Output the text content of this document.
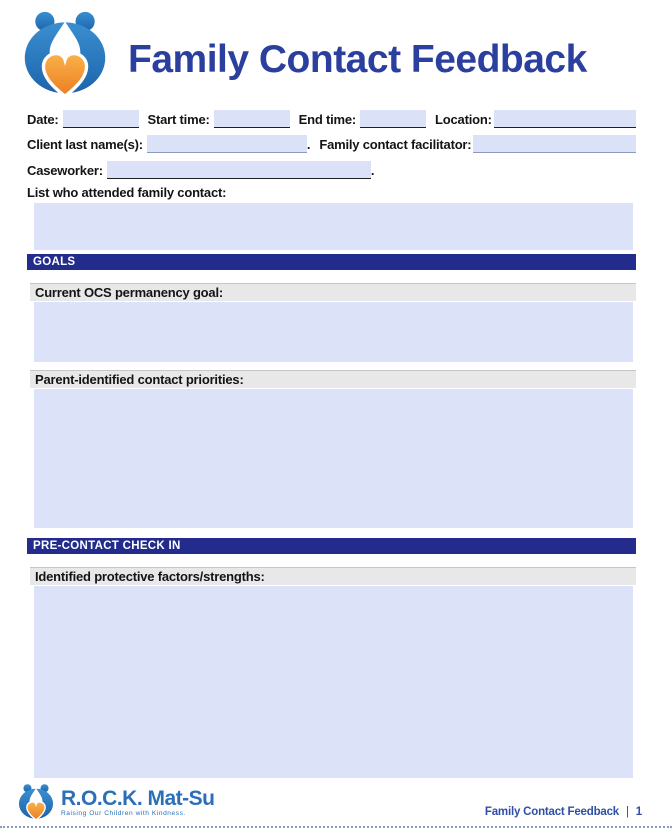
Family Contact Feedback
Date:	Start time:	End time:	Location:
Client last name(s):	. Family contact facilitator:
Caseworker:	.
List who attended family contact:
GOALS
Current OCS permanency goal:
Parent-identified contact priorities:
PRE-CONTACT CHECK IN
Identified protective factors/strengths:
R.O.C.K. Mat-Su
Raising Our Children with Kindness.	Family Contact Feedback | 1
